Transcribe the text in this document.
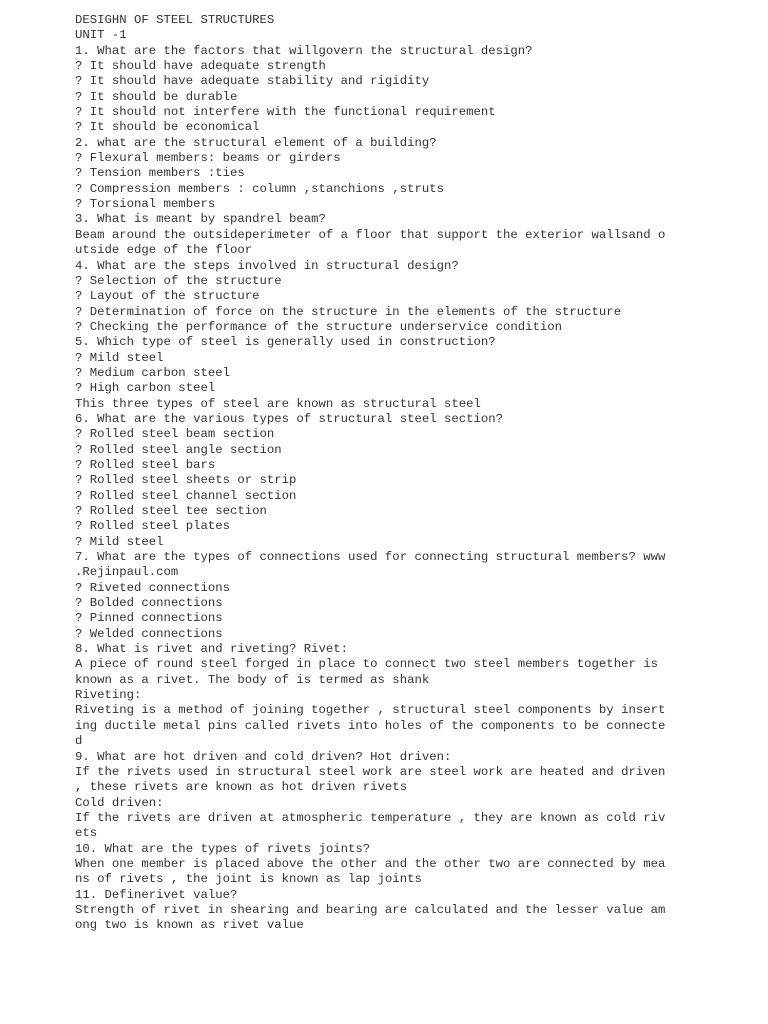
DESIGHN OF STEEL STRUCTURES
UNIT -1
1. What are the factors that willgovern the structural design?
? It should have adequate strength
? It should have adequate stability and rigidity
? It should be durable
? It should not interfere with the functional requirement
? It should be economical
2. what are the structural element of a building?
? Flexural members: beams or girders
? Tension members :ties
? Compression members : column ,stanchions ,struts
? Torsional members
3. What is meant by spandrel beam?
Beam around the outsideperimeter of a floor that support the exterior wallsand o
utside edge of the floor
4. What are the steps involved in structural design?
? Selection of the structure
? Layout of the structure
? Determination of force on the structure in the elements of the structure
? Checking the performance of the structure underservice condition
5. Which type of steel is generally used in construction?
? Mild steel
? Medium carbon steel
? High carbon steel
This three types of steel are known as structural steel
6. What are the various types of structural steel section?
? Rolled steel beam section
? Rolled steel angle section
? Rolled steel bars
? Rolled steel sheets or strip
? Rolled steel channel section
? Rolled steel tee section
? Rolled steel plates
? Mild steel
7. What are the types of connections used for connecting structural members? www
.Rejinpaul.com
? Riveted connections
? Bolded connections
? Pinned connections
? Welded connections
8. What is rivet and riveting? Rivet:
A piece of round steel forged in place to connect two steel members together is
known as a rivet. The body of is termed as shank
Riveting:
Riveting is a method of joining together , structural steel components by insert
ing ductile metal pins called rivets into holes of the components to be connecte
d
9. What are hot driven and cold driven? Hot driven:
If the rivets used in structural steel work are steel work are heated and driven
, these rivets are known as hot driven rivets
Cold driven:
If the rivets are driven at atmospheric temperature , they are known as cold riv
ets
10. What are the types of rivets joints?
When one member is placed above the other and the other two are connected by mea
ns of rivets , the joint is known as lap joints
11. Definerivet value?
Strength of rivet in shearing and bearing are calculated and the lesser value am
ong two is known as rivet value
